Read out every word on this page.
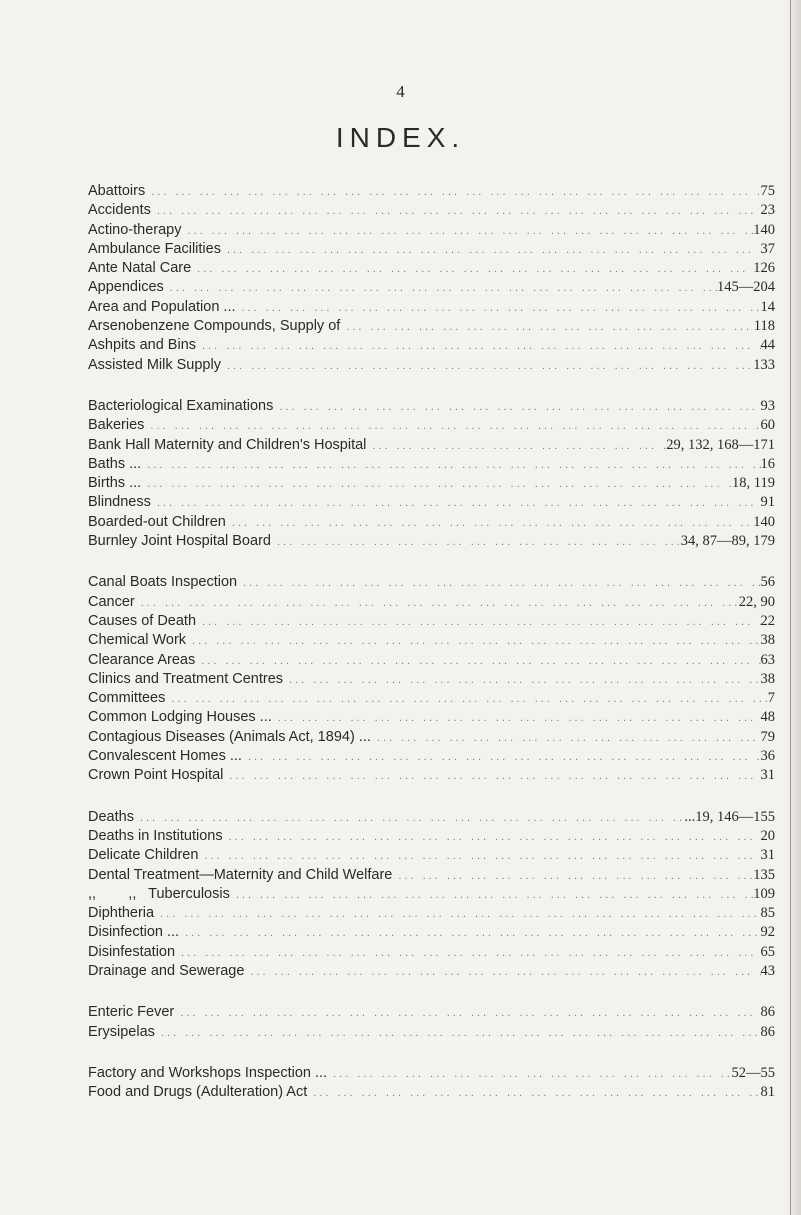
4
INDEX.
Abattoirs ... .	75
Accidents ... .	23
Actino-therapy ... .	140
Ambulance Facilities ... .	37
Ante Natal Care ... .	126
Appendices ... .	145—204
Area and Population ... ... .	14
Arsenobenzene Compounds, Supply of ... .	118
Ashpits and Bins ... .	44
Assisted Milk Supply ... .	133
Bacteriological Examinations ... .	93
Bakeries ... .	60
Bank Hall Maternity and Children's Hospital ... .	29, 132, 168—171
Baths ... ... .	16
Births ... ... .	18, 119
Blindness ... .	91
Boarded-out Children ... .	140
Burnley Joint Hospital Board ... .	34, 87—89, 179
Canal Boats Inspection ... .	56
Cancer ... .	22, 90
Causes of Death ... .	22
Chemical Work ... .	38
Clearance Areas ... .	63
Clinics and Treatment Centres ... .	38
Committees ... .	7
Common Lodging Houses ... ... .	48
Contagious Diseases (Animals Act, 1894) ... ... .	79
Convalescent Homes ... ... .	36
Crown Point Hospital ... .	31
Deaths ... .	...19, 146—155
Deaths in Institutions ... .	20
Delicate Children ... .	31
Dental Treatment—Maternity and Child Welfare ... .	135
,,        ,,   Tuberculosis ... .	109
Diphtheria ... .	85
Disinfection ... ... .	92
Disinfestation ... .	65
Drainage and Sewerage ... .	43
Enteric Fever ... .	86
Erysipelas ... .	86
Factory and Workshops Inspection ... ... .	52—55
Food and Drugs (Adulteration) Act ... .	81
